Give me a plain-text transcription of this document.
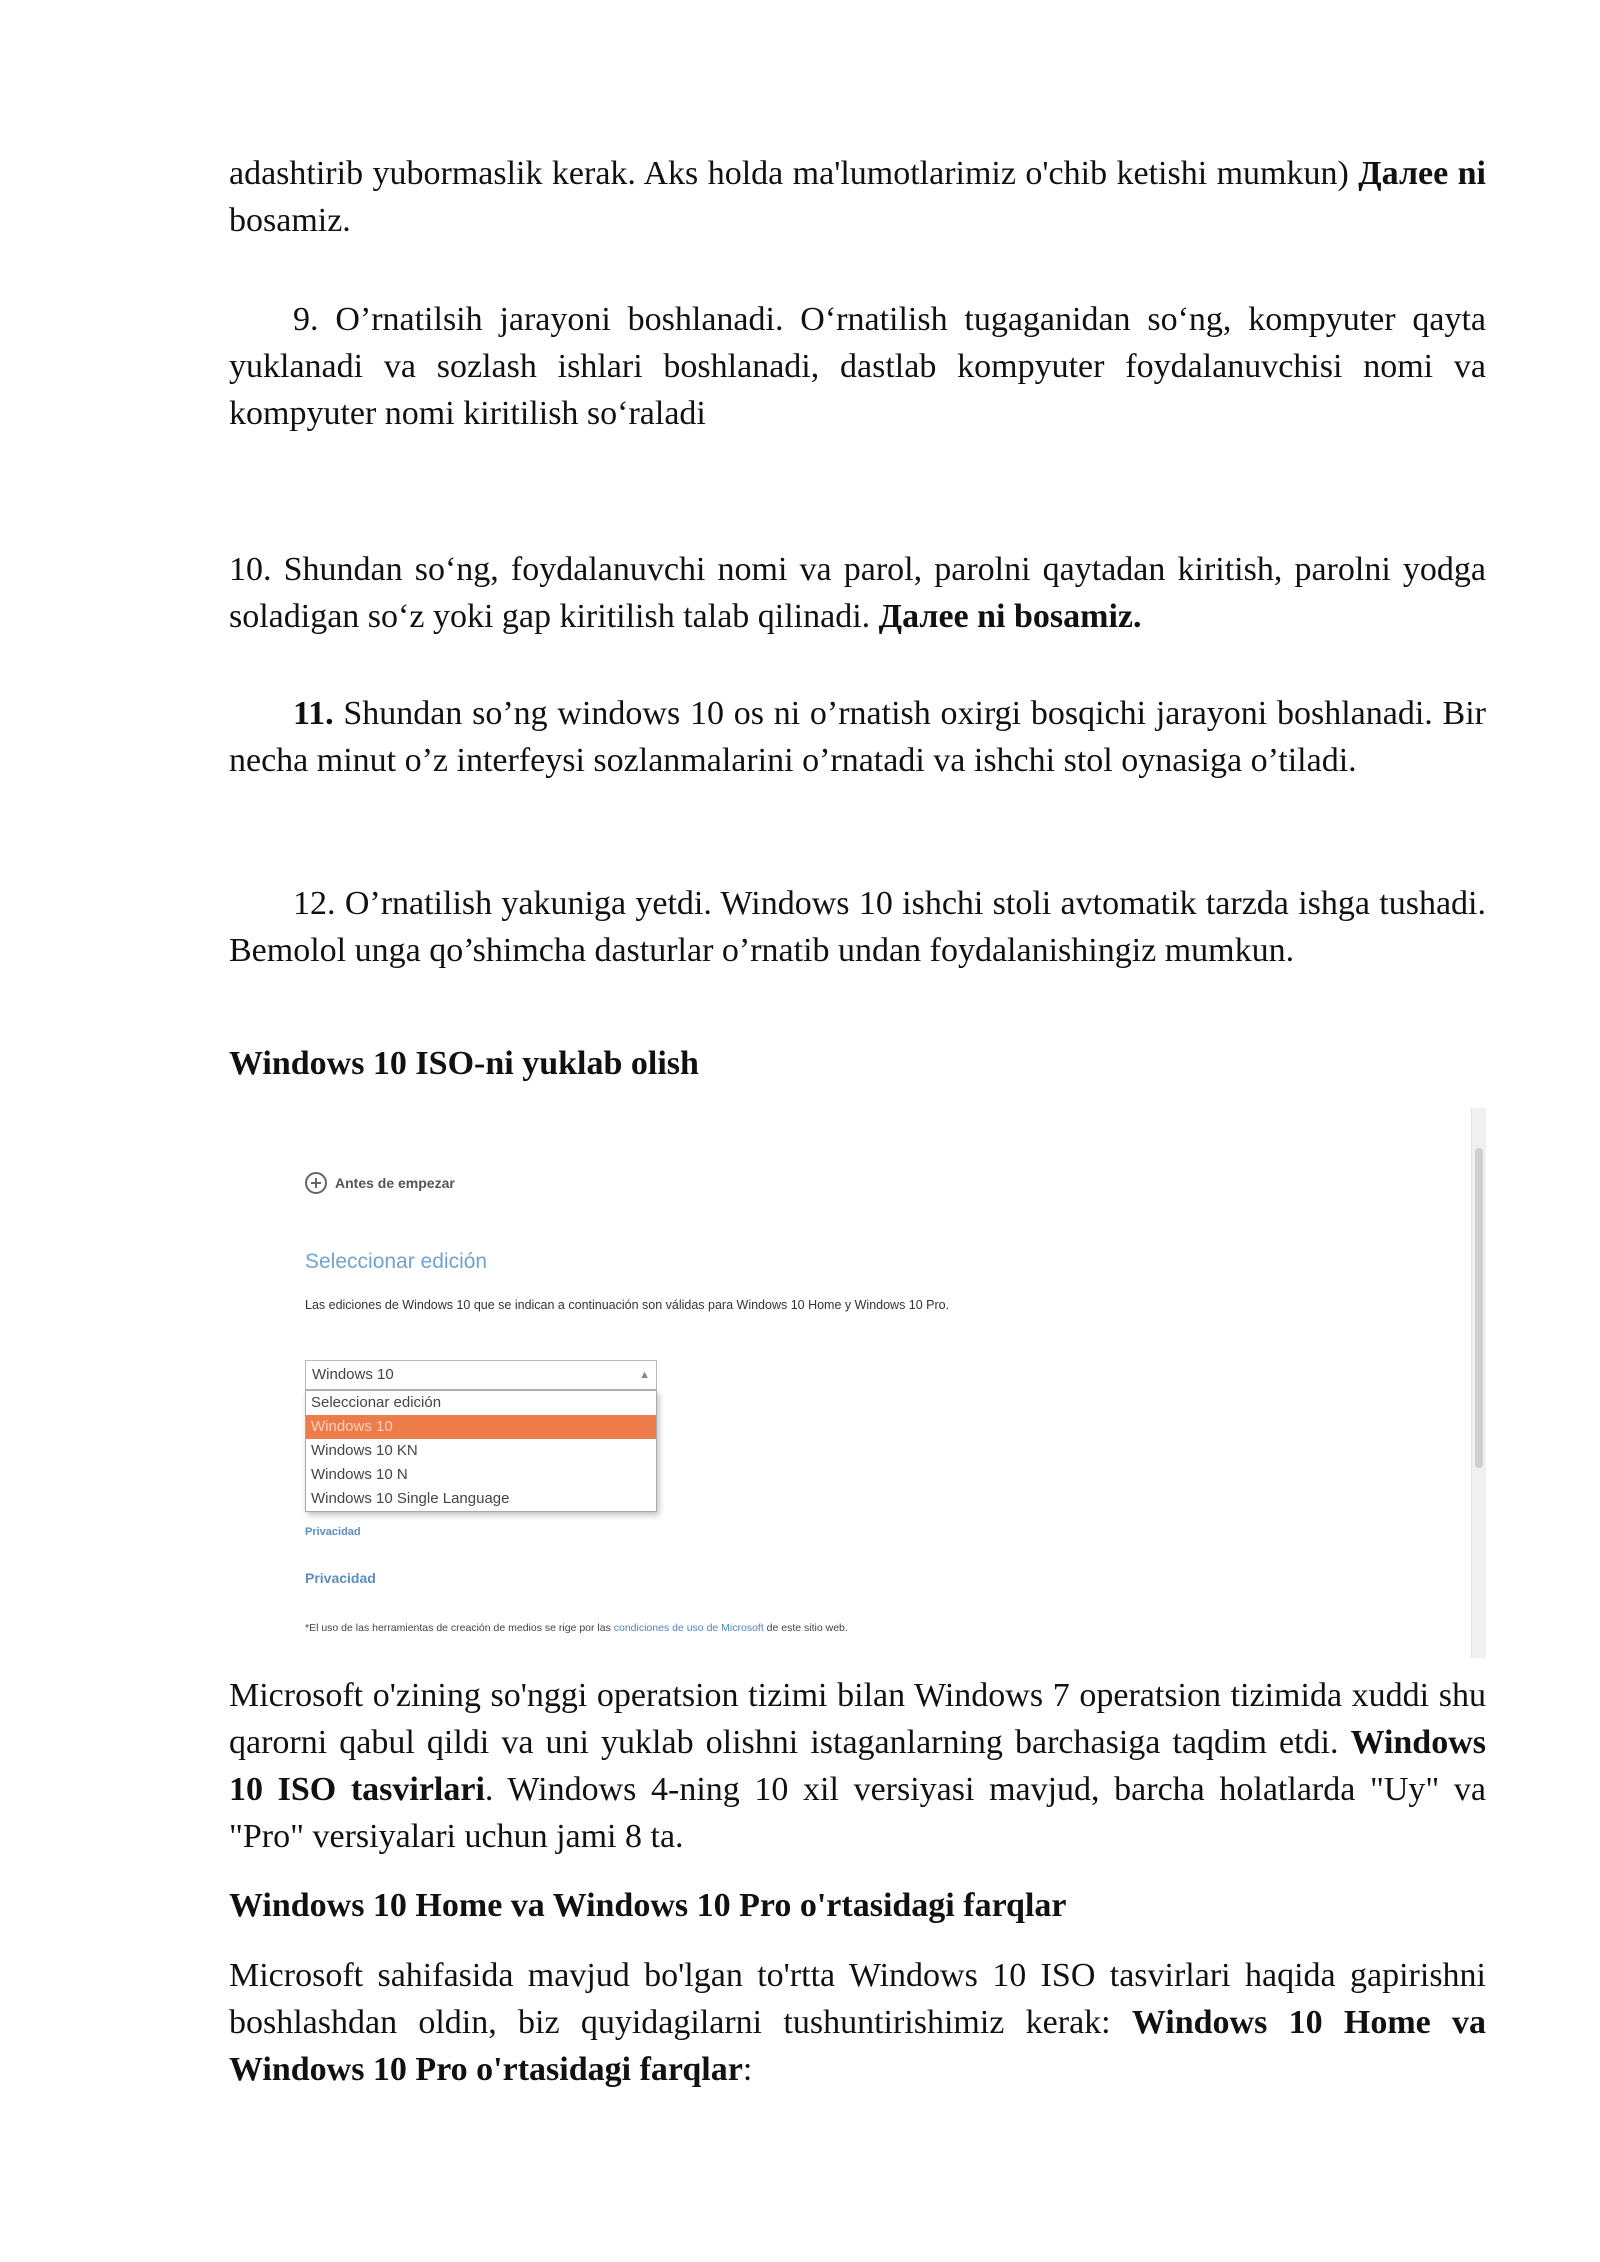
adashtirib yubormaslik kerak. Aks holda ma'lumotlarimiz o'chib ketishi mumkun) Далее ni bosamiz.

9. O’rnatilsih jarayoni boshlanadi. O‘rnatilish tugaganidan so‘ng, kompyuter qayta yuklanadi va sozlash ishlari boshlanadi, dastlab kompyuter foydalanuvchisi nomi va kompyuter nomi kiritilish so‘raladi

10. Shundan so‘ng, foydalanuvchi nomi va parol, parolni qaytadan kiritish, parolni yodga soladigan so‘z yoki gap kiritilish talab qilinadi. Далее ni bosamiz.

11. Shundan so’ng windows 10 os ni o’rnatish oxirgi bosqichi jarayoni boshlanadi. Bir necha minut o’z interfeysi sozlanmalarini o’rnatadi va ishchi stol oynasiga o’tiladi.

12. O’rnatilish yakuniga yetdi. Windows 10 ishchi stoli avtomatik tarzda ishga tushadi. Bemolol unga qo’shimcha dasturlar o’rnatib undan foydalanishingiz mumkun.

Windows 10 ISO-ni yuklab olish
Antes de empezar
Seleccionar edición
Las ediciones de Windows 10 que se indican a continuación son válidas para Windows 10 Home y Windows 10 Pro.
Windows 10	▲

Seleccionar edición
Windows 10
Windows 10 KN
Windows 10 N
Windows 10 Single Language
Privacidad
Privacidad
*El uso de las herramientas de creación de medios se rige por las condiciones de uso de Microsoft de este sitio web.

Microsoft o'zining so'nggi operatsion tizimi bilan Windows 7 operatsion tizimida xuddi shu qarorni qabul qildi va uni yuklab olishni istaganlarning barchasiga taqdim etdi. Windows 10 ISO tasvirlari. Windows 4-ning 10 xil versiyasi mavjud, barcha holatlarda "Uy" va "Pro" versiyalari uchun jami 8 ta.

Windows 10 Home va Windows 10 Pro o'rtasidagi farqlar

Microsoft sahifasida mavjud bo'lgan to'rtta Windows 10 ISO tasvirlari haqida gapirishni boshlashdan oldin, biz quyidagilarni tushuntirishimiz kerak: Windows 10 Home va Windows 10 Pro o'rtasidagi farqlar:
